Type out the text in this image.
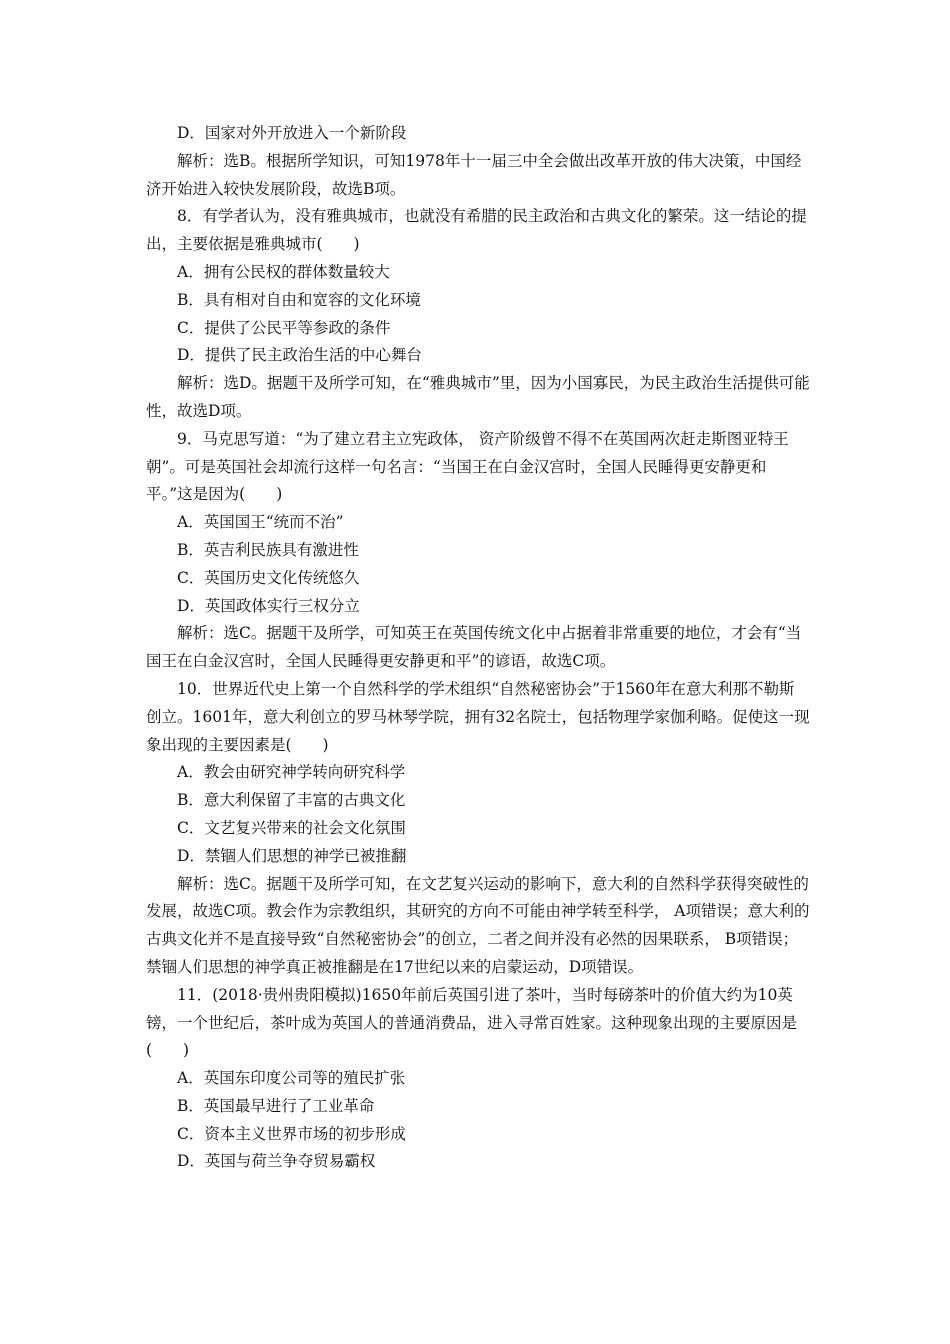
D．国家对外开放进入一个新阶段

解析：选B。根据所学知识，可知1978年十一届三中全会做出改革开放的伟大决策，中国经济开始进入较快发展阶段，故选B项。

8．有学者认为，没有雅典城市，也就没有希腊的民主政治和古典文化的繁荣。这一结论的提出，主要依据是雅典城市(　　)

A．拥有公民权的群体数量较大

B．具有相对自由和宽容的文化环境

C．提供了公民平等参政的条件

D．提供了民主政治生活的中心舞台

解析：选D。据题干及所学可知，在“雅典城市”里，因为小国寡民，为民主政治生活提供可能性，故选D项。

9．马克思写道：“为了建立君主立宪政体， 资产阶级曾不得不在英国两次赶走斯图亚特王朝”。可是英国社会却流行这样一句名言：“当国王在白金汉宫时，全国人民睡得更安静更和平。”这是因为(　　)

A．英国国王“统而不治”

B．英吉利民族具有激进性

C．英国历史文化传统悠久

D．英国政体实行三权分立

解析：选C。据题干及所学，可知英王在英国传统文化中占据着非常重要的地位，才会有“当国王在白金汉宫时，全国人民睡得更安静更和平”的谚语，故选C项。

10．世界近代史上第一个自然科学的学术组织“自然秘密协会”于1560年在意大利那不勒斯创立。1601年，意大利创立的罗马林琴学院，拥有32名院士，包括物理学家伽利略。促使这一现象出现的主要因素是(　　)

A．教会由研究神学转向研究科学

B．意大利保留了丰富的古典文化

C．文艺复兴带来的社会文化氛围

D．禁锢人们思想的神学已被推翻

解析：选C。据题干及所学可知，在文艺复兴运动的影响下，意大利的自然科学获得突破性的发展，故选C项。教会作为宗教组织，其研究的方向不可能由神学转至科学， A项错误；意大利的古典文化并不是直接导致“自然秘密协会”的创立，二者之间并没有必然的因果联系， B项错误；禁锢人们思想的神学真正被推翻是在17世纪以来的启蒙运动，D项错误。

11．(2018·贵州贵阳模拟)1650年前后英国引进了茶叶，当时每磅茶叶的价值大约为10英镑，一个世纪后，茶叶成为英国人的普通消费品，进入寻常百姓家。这种现象出现的主要原因是(　　)

A．英国东印度公司等的殖民扩张

B．英国最早进行了工业革命

C．资本主义世界市场的初步形成

D．英国与荷兰争夺贸易霸权
